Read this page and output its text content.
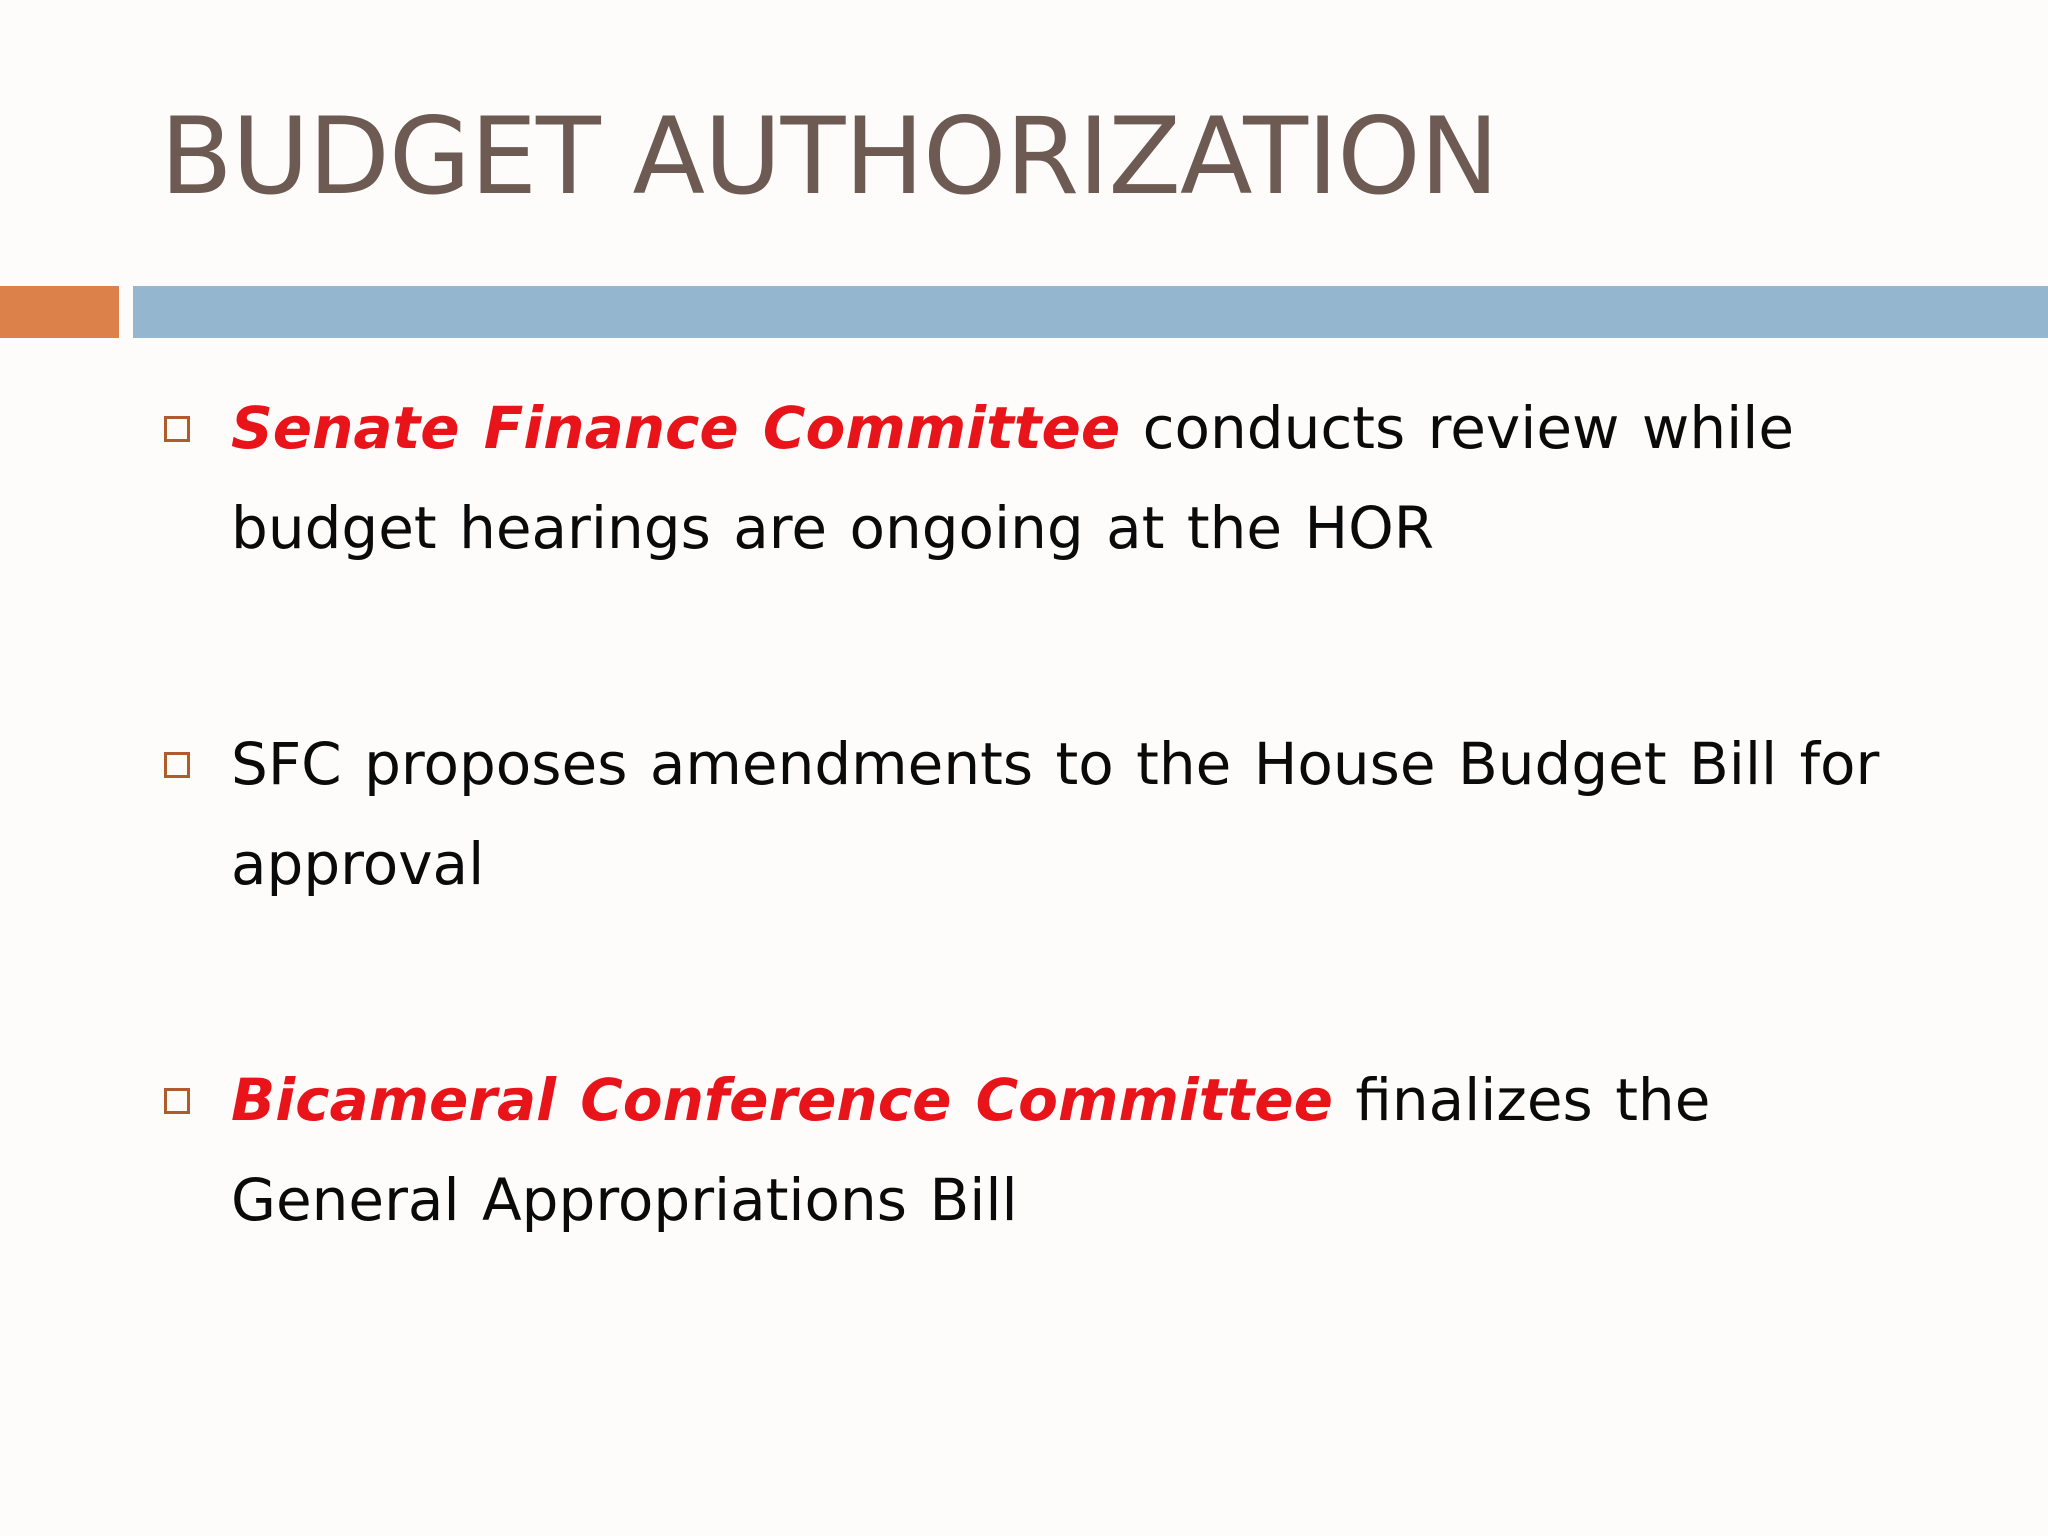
BUDGET AUTHORIZATION
Senate Finance Committee conducts review while budget hearings are ongoing at the HOR
SFC proposes amendments to the House Budget Bill for approval
Bicameral Conference Committee finalizes the General Appropriations Bill
